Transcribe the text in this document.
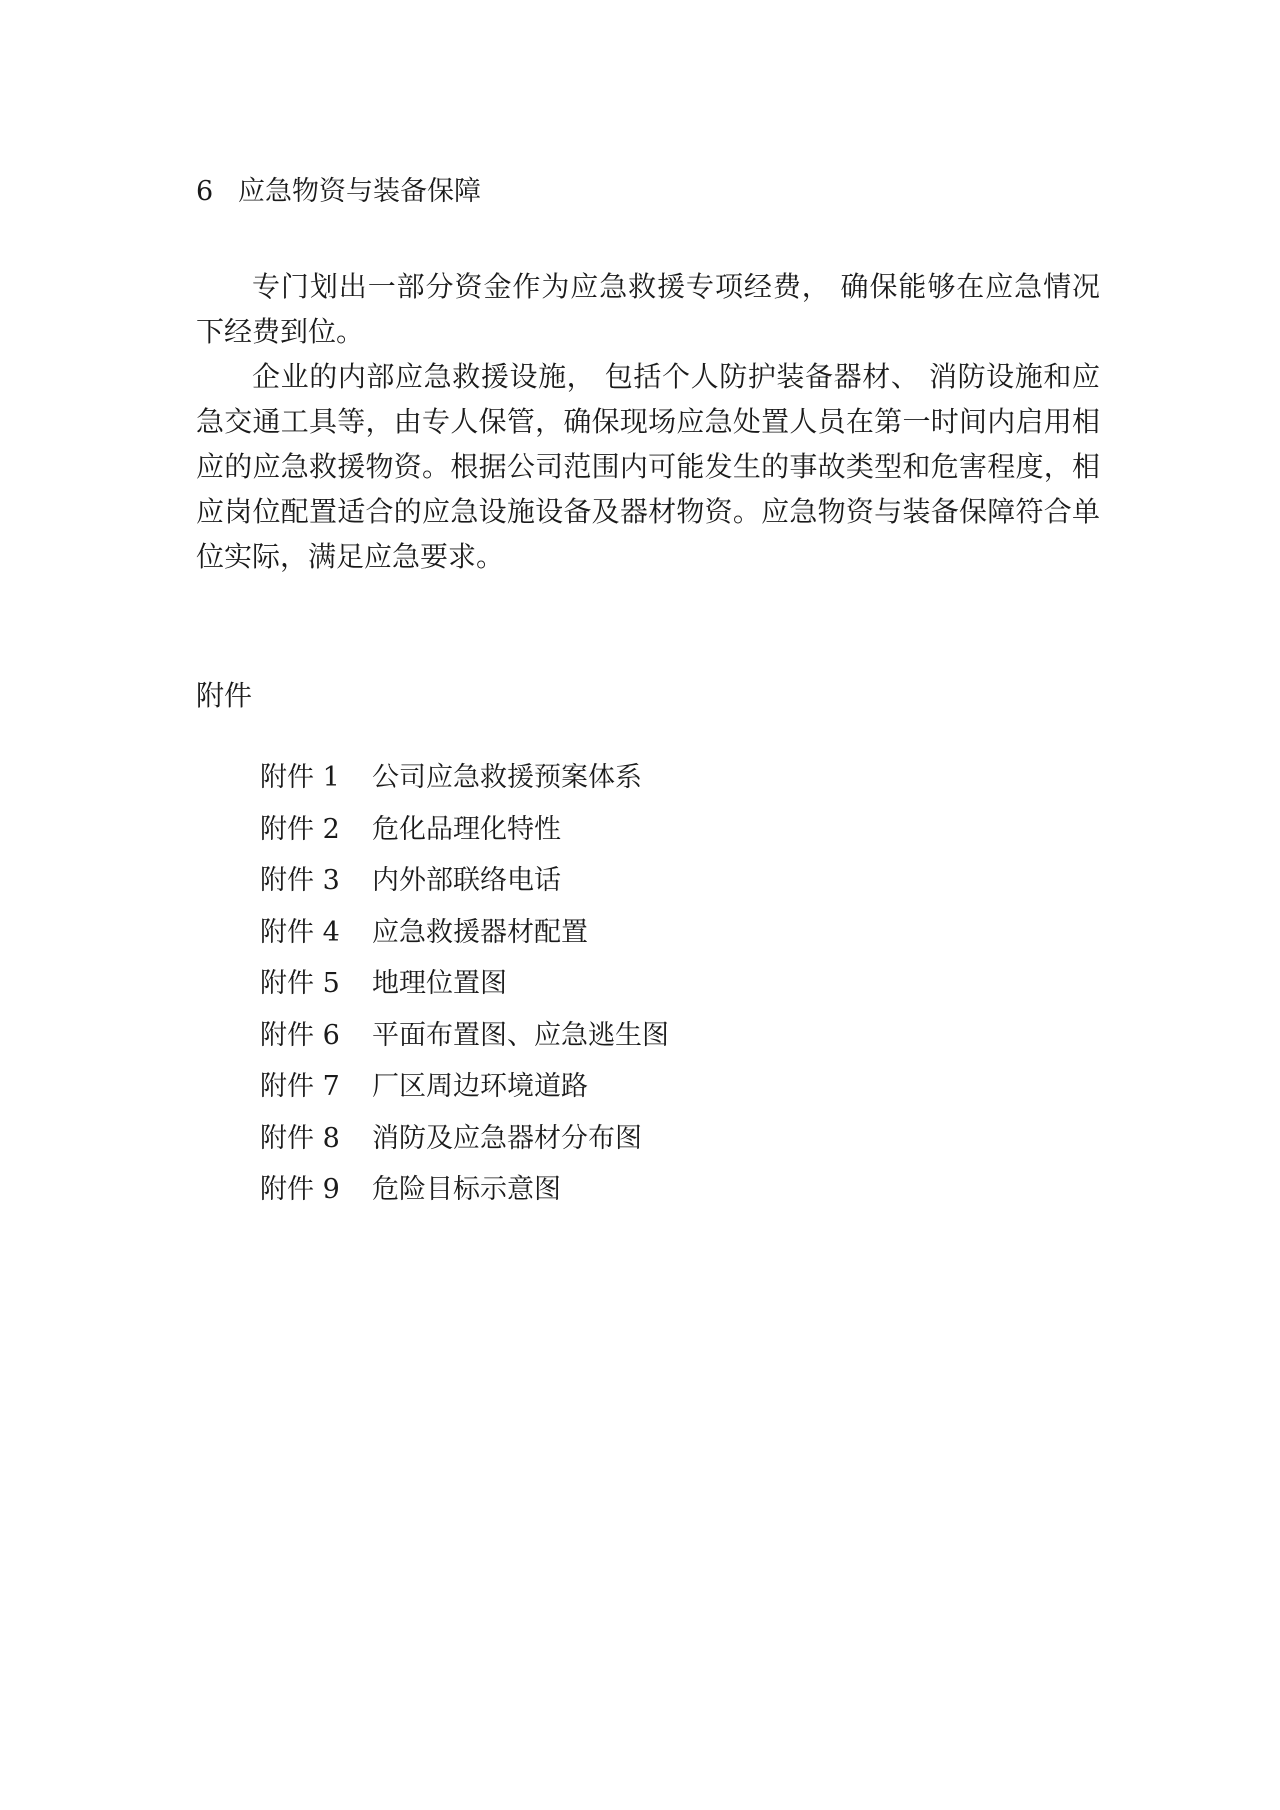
6 应急物资与装备保障

专门划出一部分资金作为应急救援专项经费， 确保能够在应急情况下经费到位。

企业的内部应急救援设施， 包括个人防护装备器材、 消防设施和应急交通工具等，由专人保管，确保现场应急处置人员在第一时间内启用相应的应急救援物资。根据公司范围内可能发生的事故类型和危害程度，相应岗位配置适合的应急设施设备及器材物资。应急物资与装备保障符合单位实际，满足应急要求。

附件
附件 1 公司应急救援预案体系
附件 2 危化品理化特性
附件 3 内外部联络电话
附件 4 应急救援器材配置
附件 5 地理位置图
附件 6 平面布置图、应急逃生图
附件 7 厂区周边环境道路
附件 8 消防及应急器材分布图
附件 9 危险目标示意图
